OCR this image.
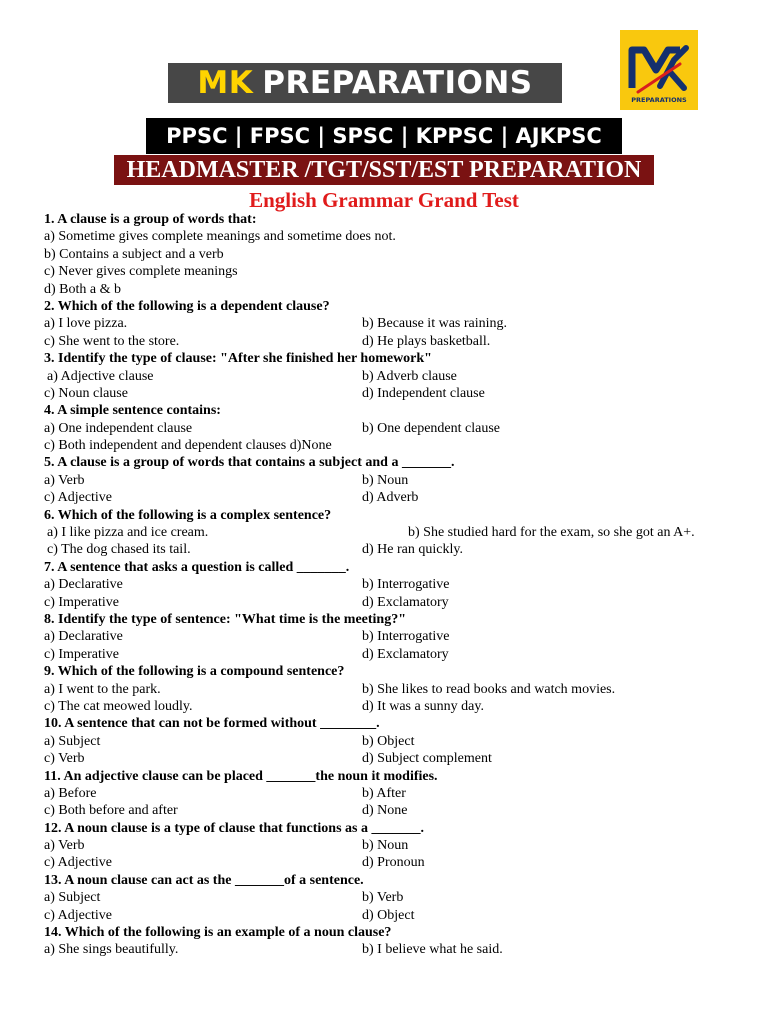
MK PREPARATIONS	PREPARATIONS
PPSC | FPSC | SPSC | KPPSC | AJKPSC
HEADMASTER /TGT/SST/EST PREPARATION
English Grammar Grand Test
1. A clause is a group of words that:
a) Sometime gives complete meanings and sometime does not.
b) Contains a subject and a verb
c) Never gives complete meanings
d) Both a & b
2. Which of the following is a dependent clause?
a) I love pizza.	b) Because it was raining.
c) She went to the store.	d) He plays basketball.
3. Identify the type of clause: "After she finished her homework"
a) Adjective clause	b) Adverb clause
c) Noun clause	d) Independent clause
4. A simple sentence contains:
a) One independent clause	b) One dependent clause
c) Both independent and dependent clauses d)None
5. A clause is a group of words that contains a subject and a _______.
a) Verb	b) Noun
c) Adjective	d) Adverb
6. Which of the following is a complex sentence?
a) I like pizza and ice cream.	b) She studied hard for the exam, so she got an A+.
c) The dog chased its tail.	d) He ran quickly.
7. A sentence that asks a question is called _______.
a) Declarative	b) Interrogative
c) Imperative	d) Exclamatory
8. Identify the type of sentence: "What time is the meeting?"
a) Declarative	b) Interrogative
c) Imperative	d) Exclamatory
9. Which of the following is a compound sentence?
a) I went to the park.	b) She likes to read books and watch movies.
c) The cat meowed loudly.	d) It was a sunny day.
10. A sentence that can not be formed without ________.
a) Subject	b) Object
c) Verb	d) Subject complement
11. An adjective clause can be placed _______the noun it modifies.
a) Before	b) After
c) Both before and after	d) None
12. A noun clause is a type of clause that functions as a _______.
a) Verb	b) Noun
c) Adjective	d) Pronoun
13. A noun clause can act as the _______of a sentence.
a) Subject	b) Verb
c) Adjective	d) Object
14. Which of the following is an example of a noun clause?
a) She sings beautifully.	b) I believe what he said.
